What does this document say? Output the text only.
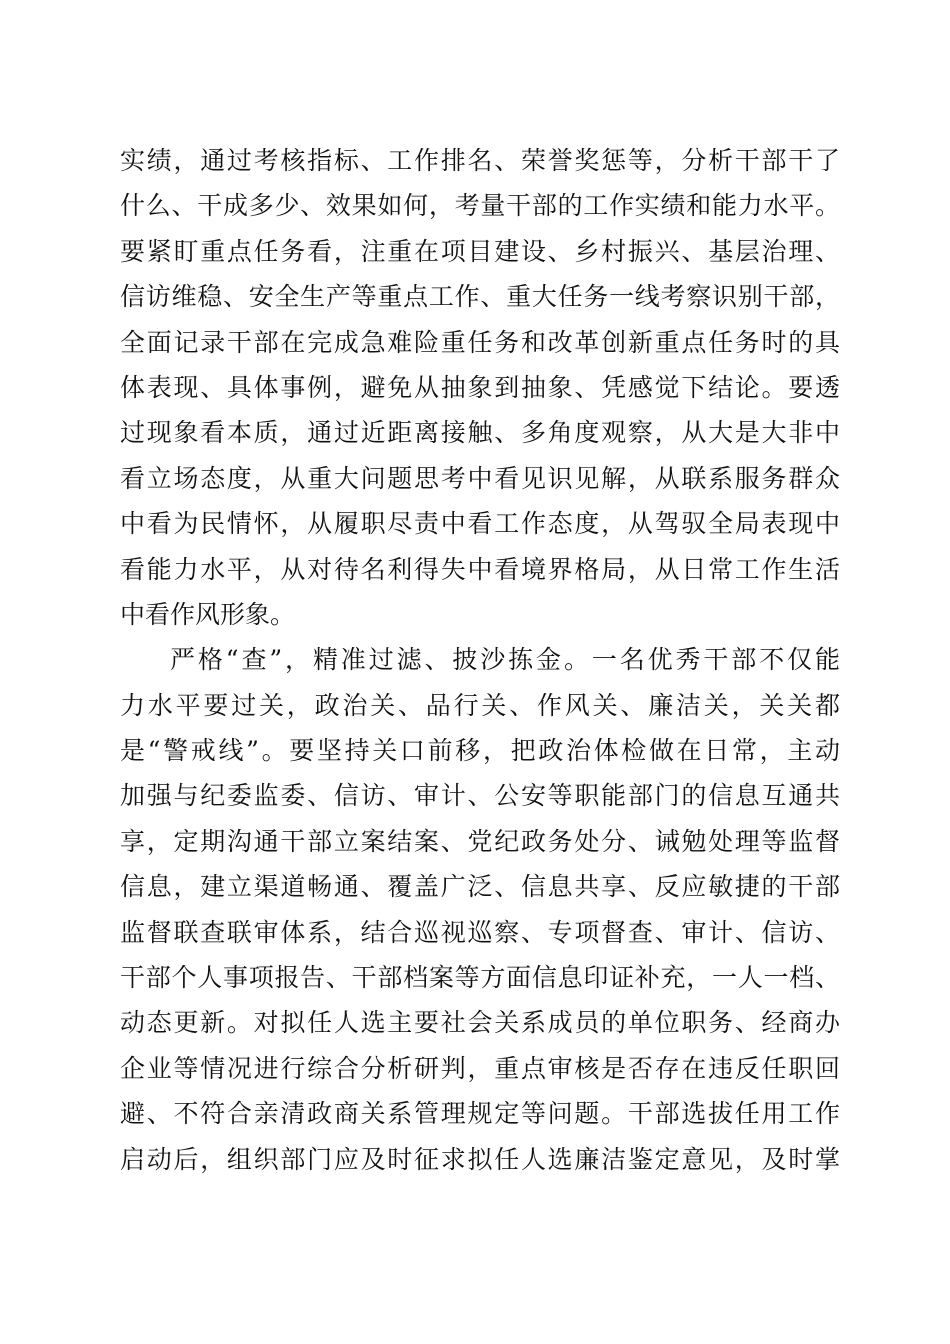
实绩，通过考核指标、工作排名、荣誉奖惩等，分析干部干了
什么、干成多少、效果如何，考量干部的工作实绩和能力水平。
要紧盯重点任务看，注重在项目建设、乡村振兴、基层治理、
信访维稳、安全生产等重点工作、重大任务一线考察识别干部，
全面记录干部在完成急难险重任务和改革创新重点任务时的具
体表现、具体事例，避免从抽象到抽象、凭感觉下结论。要透
过现象看本质，通过近距离接触、多角度观察，从大是大非中
看立场态度，从重大问题思考中看见识见解，从联系服务群众
中看为民情怀，从履职尽责中看工作态度，从驾驭全局表现中
看能力水平，从对待名利得失中看境界格局，从日常工作生活
中看作风形象。
严格“查”，精准过滤、披沙拣金。一名优秀干部不仅能
力水平要过关，政治关、品行关、作风关、廉洁关，关关都
是“警戒线”。要坚持关口前移，把政治体检做在日常，主动
加强与纪委监委、信访、审计、公安等职能部门的信息互通共
享，定期沟通干部立案结案、党纪政务处分、诫勉处理等监督
信息，建立渠道畅通、覆盖广泛、信息共享、反应敏捷的干部
监督联查联审体系，结合巡视巡察、专项督查、审计、信访、
干部个人事项报告、干部档案等方面信息印证补充，一人一档、
动态更新。对拟任人选主要社会关系成员的单位职务、经商办
企业等情况进行综合分析研判，重点审核是否存在违反任职回
避、不符合亲清政商关系管理规定等问题。干部选拔任用工作
启动后，组织部门应及时征求拟任人选廉洁鉴定意见，及时掌
